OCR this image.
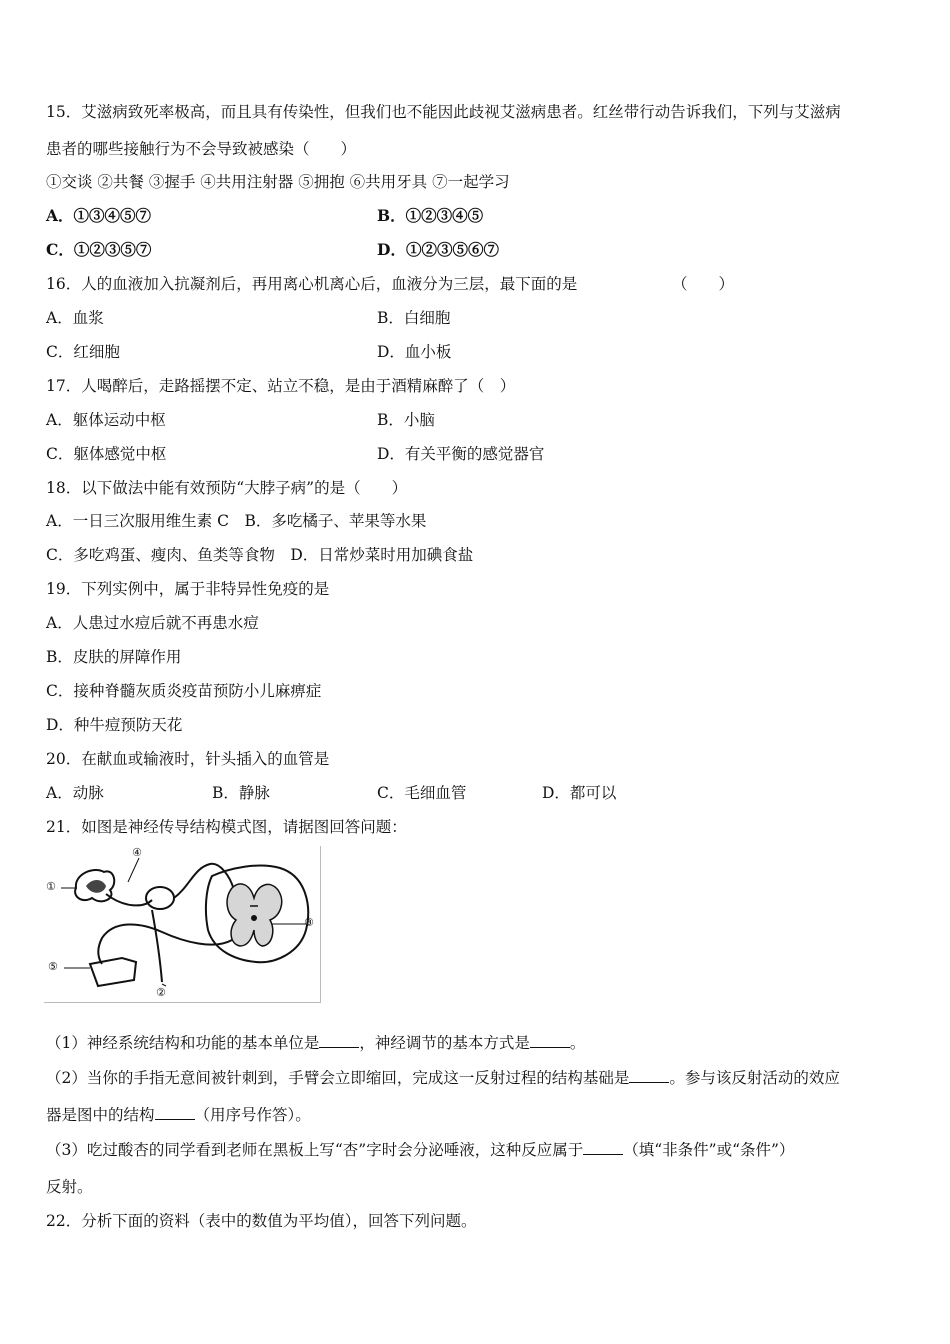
15．艾滋病致死率极高，而且具有传染性，但我们也不能因此歧视艾滋病患者。红丝带行动告诉我们，下列与艾滋病
患者的哪些接触行为不会导致被感染（　　）
①交谈 ②共餐 ③握手 ④共用注射器 ⑤拥抱 ⑥共用牙具 ⑦一起学习
A．①③④⑤⑦	B．①②③④⑤
C．①②③⑤⑦	D．①②③⑤⑥⑦
16．人的血液加入抗凝剂后，再用离心机离心后，血液分为三层，最下面的是	（　　）
A．血浆	B．白细胞
C．红细胞	D．血小板
17．人喝醉后，走路摇摆不定、站立不稳，是由于酒精麻醉了（　）
A．躯体运动中枢	B．小脑
C．躯体感觉中枢	D．有关平衡的感觉器官
18．以下做法中能有效预防“大脖子病”的是（　　）
A．一日三次服用维生素 C　B．多吃橘子、苹果等水果
C．多吃鸡蛋、瘦肉、鱼类等食物　D．日常炒菜时用加碘食盐
19．下列实例中，属于非特异性免疫的是
A．人患过水痘后就不再患水痘
B．皮肤的屏障作用
C．接种脊髓灰质炎疫苗预防小儿麻痹症
D．种牛痘预防天花
20．在献血或输液时，针头插入的血管是
A．动脉	B．静脉	C．毛细血管	D．都可以
21．如图是神经传导结构模式图，请据图回答问题：
①
②
③
④
⑤
（1）神经系统结构和功能的基本单位是	，神经调节的基本方式是	。
（2）当你的手指无意间被针刺到，手臂会立即缩回，完成这一反射过程的结构基础是	。参与该反射活动的效应
器是图中的结构	（用序号作答）。
（3）吃过酸杏的同学看到老师在黑板上写“杏”字时会分泌唾液，这种反应属于	（填“非条件”或“条件”）
反射。
22．分析下面的资料（表中的数值为平均值），回答下列问题。
